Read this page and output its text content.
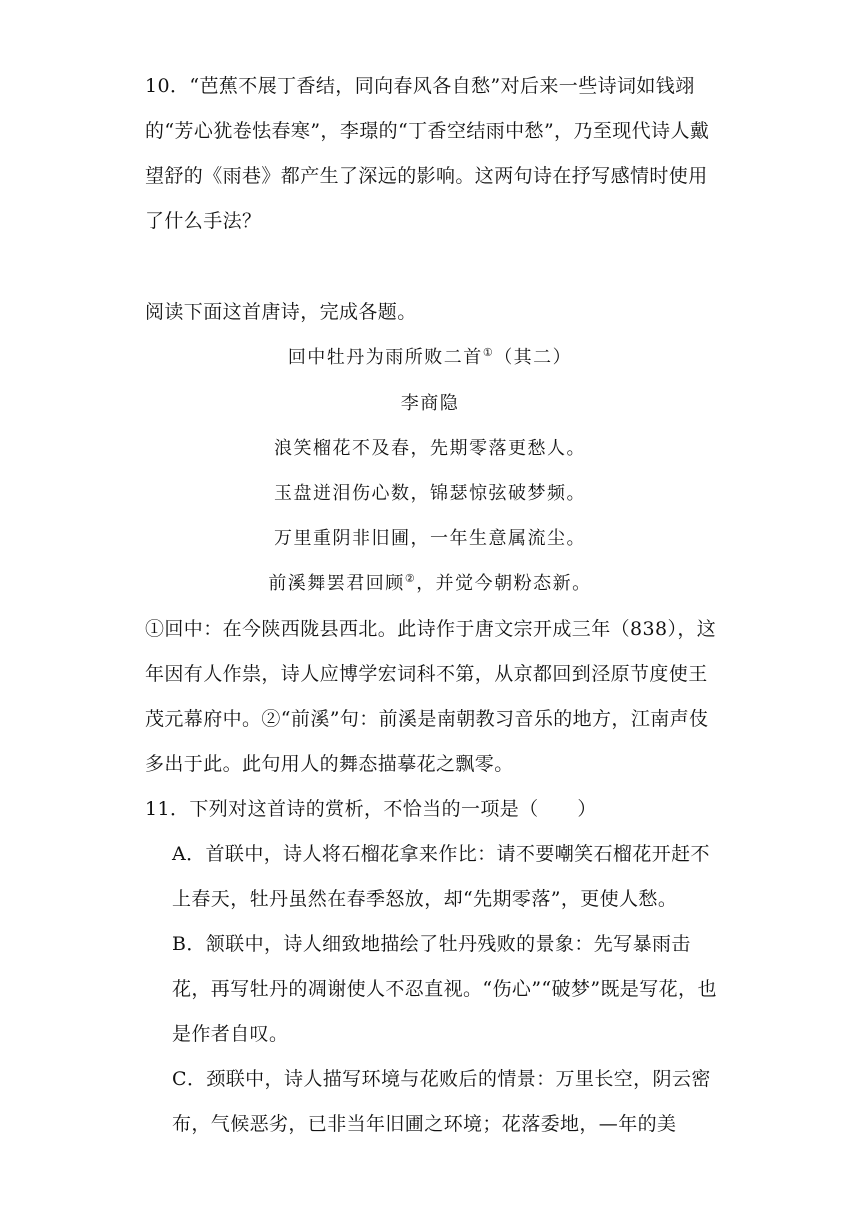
10．“芭蕉不展丁香结，同向春风各自愁”对后来一些诗词如钱翊的“芳心犹卷怯春寒”，李璟的“丁香空结雨中愁”，乃至现代诗人戴望舒的《雨巷》都产生了深远的影响。这两句诗在抒写感情时使用了什么手法？

阅读下面这首唐诗，完成各题。

回中牡丹为雨所败二首①（其二）
李商隐
浪笑榴花不及春，先期零落更愁人。
玉盘迸泪伤心数，锦瑟惊弦破梦频。
万里重阴非旧圃，一年生意属流尘。
前溪舞罢君回顾②，并觉今朝粉态新。

①回中：在今陕西陇县西北。此诗作于唐文宗开成三年（838），这年因有人作祟，诗人应博学宏词科不第，从京都回到泾原节度使王茂元幕府中。②“前溪”句：前溪是南朝教习音乐的地方，江南声伎多出于此。此句用人的舞态描摹花之飘零。

11．下列对这首诗的赏析，不恰当的一项是（　　）

A．首联中，诗人将石榴花拿来作比：请不要嘲笑石榴花开赶不上春天，牡丹虽然在春季怒放，却“先期零落”，更使人愁。

B．颔联中，诗人细致地描绘了牡丹残败的景象：先写暴雨击花，再写牡丹的凋谢使人不忍直视。“伤心”“破梦”既是写花，也是作者自叹。

C．颈联中，诗人描写环境与花败后的情景：万里长空，阴云密布，气候恶劣，已非当年旧圃之环境；花落委地，—年的美
